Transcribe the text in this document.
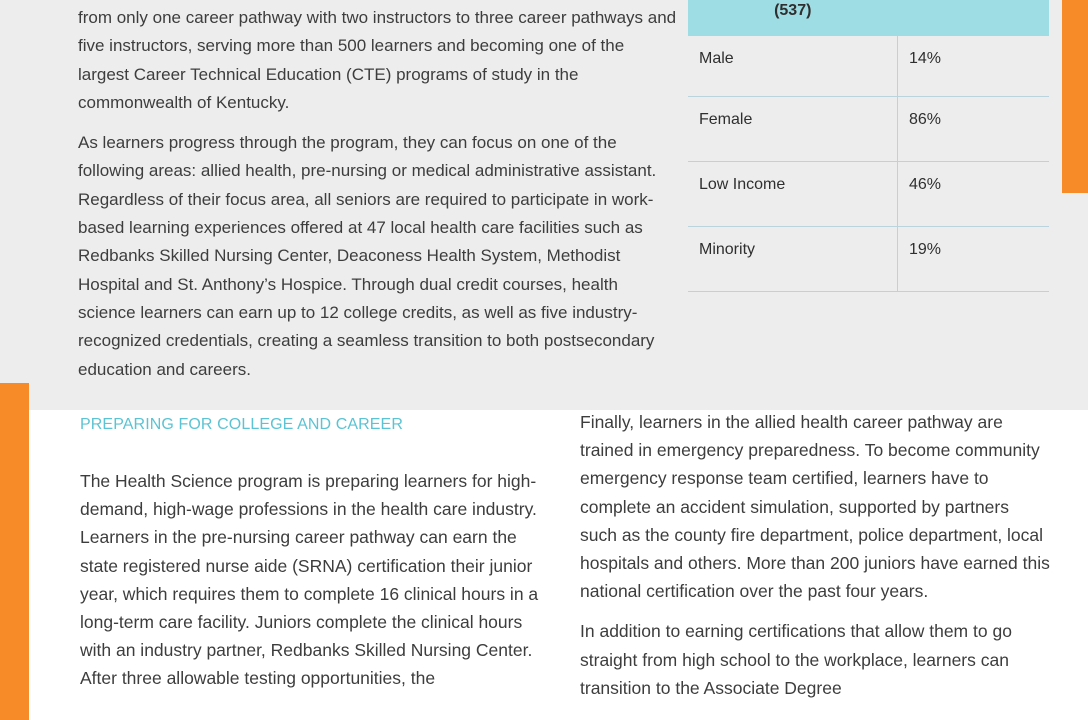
from only one career pathway with two instructors to three career pathways and five instructors, serving more than 500 learners and becoming one of the largest Career Technical Education (CTE) programs of study in the commonwealth of Kentucky.

As learners progress through the program, they can focus on one of the following areas: allied health, pre-nursing or medical administrative assistant. Regardless of their focus area, all seniors are required to participate in work-based learning experiences offered at 47 local health care facilities such as Redbanks Skilled Nursing Center, Deaconess Health System, Methodist Hospital and St. Anthony’s Hospice. Through dual credit courses, health science learners can earn up to 12 college credits, as well as five industry-recognized credentials, creating a seamless transition to both postsecondary education and careers.

(537)	
Male	14%
Female	86%
Low Income	46%
Minority	19%
PREPARING FOR COLLEGE AND CAREER

The Health Science program is preparing learners for high-demand, high-wage professions in the health care industry. Learners in the pre-nursing career pathway can earn the state registered nurse aide (SRNA) certification their junior year, which requires them to complete 16 clinical hours in a long-term care facility. Juniors complete the clinical hours with an industry partner, Redbanks Skilled Nursing Center. After three allowable testing opportunities, the

Finally, learners in the allied health career pathway are trained in emergency preparedness. To become community emergency response team certified, learners have to complete an accident simulation, supported by partners such as the county fire department, police department, local hospitals and others. More than 200 juniors have earned this national certification over the past four years.

In addition to earning certifications that allow them to go straight from high school to the workplace, learners can transition to the Associate Degree
